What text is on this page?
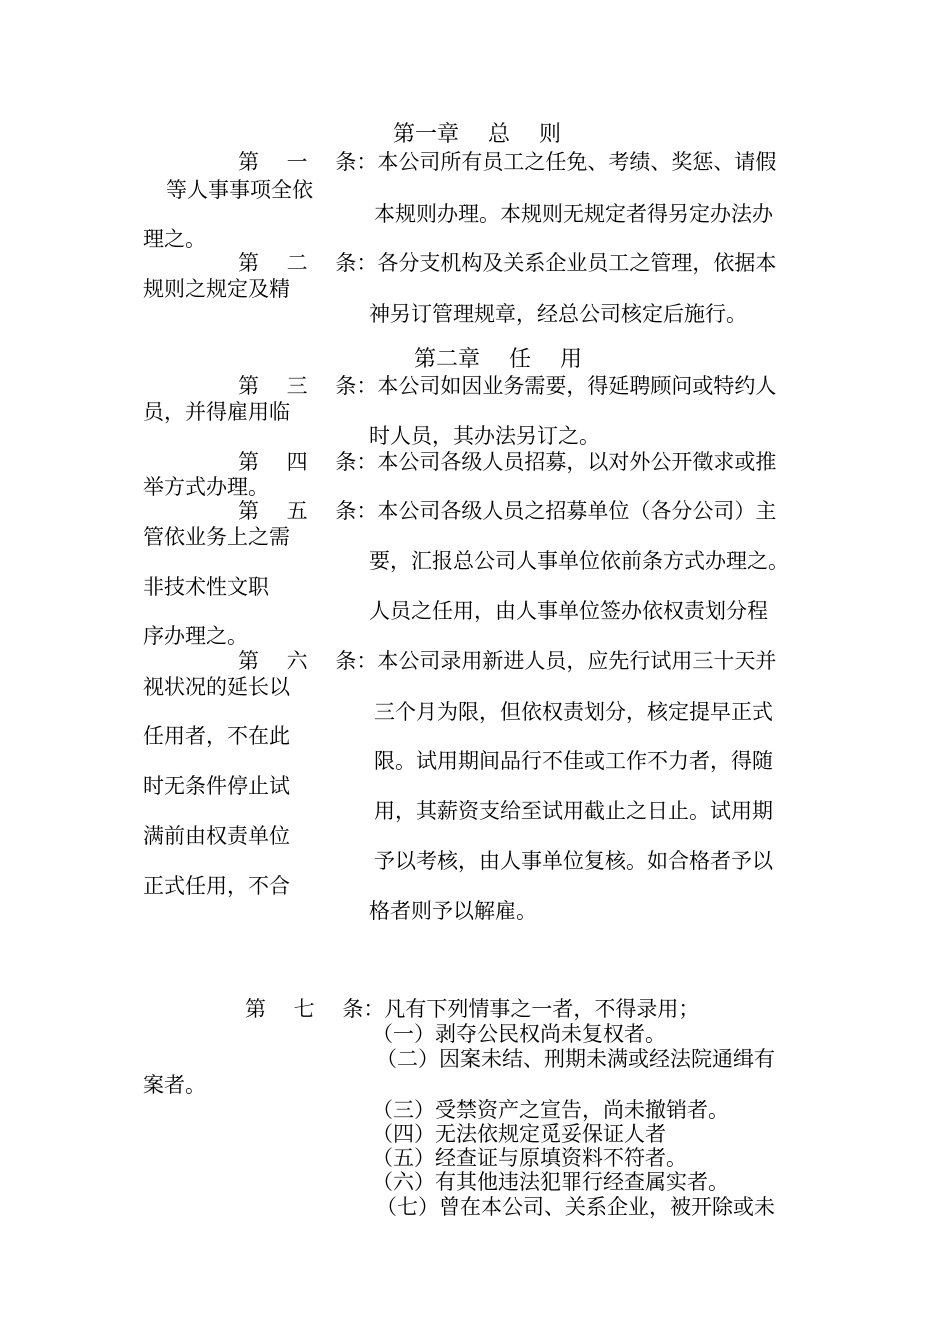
第一章　 总　 则

第　 一　 条：本公司所有员工之任免、考绩、奖惩、请假

等人事事项全依

本规则办理。本规则无规定者得另定办法办

理之。

第　 二　 条：各分支机构及关系企业员工之管理，依据本

规则之规定及精

神另订管理规章，经总公司核定后施行。

第二章　 任　 用

第　 三　 条：本公司如因业务需要，得延聘顾问或特约人

员，并得雇用临

时人员，其办法另订之。

第　 四　 条：本公司各级人员招募，以对外公开徵求或推

举方式办理。

第　 五　 条：本公司各级人员之招募单位（各分公司）主

管依业务上之需

要，汇报总公司人事单位依前条方式办理之。

非技术性文职

人员之任用，由人事单位签办依权责划分程

序办理之。

第　 六　 条：本公司录用新进人员，应先行试用三十天并

视状况的延长以

三个月为限，但依权责划分，核定提早正式

任用者，不在此

限。试用期间品行不佳或工作不力者，得随

时无条件停止试

用，其薪资支给至试用截止之日止。试用期

满前由权责单位

予以考核，由人事单位复核。如合格者予以

正式任用，不合

格者则予以解雇。

第　 七　 条：凡有下列情事之一者，不得录用；

（一）剥夺公民权尚未复权者。

（二）因案未结、刑期未满或经法院通缉有

案者。

（三）受禁资产之宣告，尚未撤销者。

（四）无法依规定觅妥保证人者

（五）经查证与原填资料不符者。

（六）有其他违法犯罪行经查属实者。

（七）曾在本公司、关系企业，被开除或未
